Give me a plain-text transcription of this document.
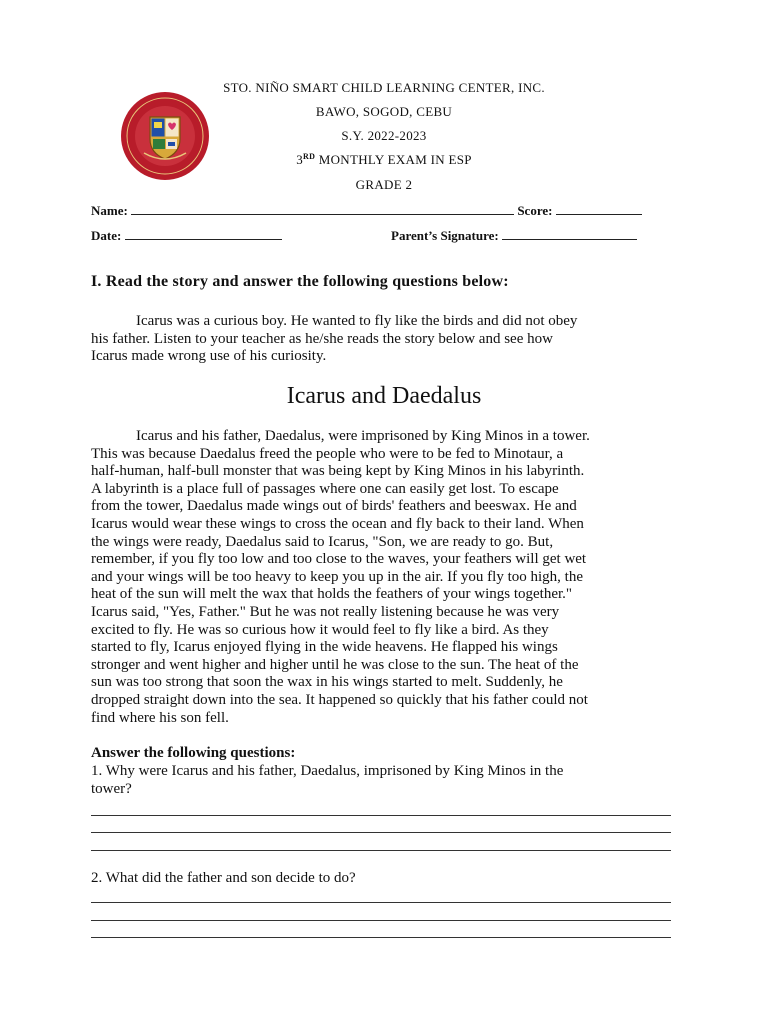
STO. NIÑO SMART CHILD LEARNING CENTER, INC.
BAWO, SOGOD, CEBU
S.Y. 2022-2023
3RD MONTHLY EXAM IN ESP
GRADE 2
Name:	Score:
Date:	Parent’s Signature:
I. Read the story and answer the following questions below:
Icarus was a curious boy. He wanted to fly like the birds and did not obey
his father. Listen to your teacher as he/she reads the story below and see how
Icarus made wrong use of his curiosity.
Icarus and Daedalus
Icarus and his father, Daedalus, were imprisoned by King Minos in a tower.
This was because Daedalus freed the people who were to be fed to Minotaur, a
half-human, half-bull monster that was being kept by King Minos in his labyrinth.
A labyrinth is a place full of passages where one can easily get lost. To escape
from the tower, Daedalus made wings out of birds' feathers and beeswax. He and
Icarus would wear these wings to cross the ocean and fly back to their land. When
the wings were ready, Daedalus said to Icarus, "Son, we are ready to go. But,
remember, if you fly too low and too close to the waves, your feathers will get wet
and your wings will be too heavy to keep you up in the air. If you fly too high, the
heat of the sun will melt the wax that holds the feathers of your wings together."
Icarus said, "Yes, Father." But he was not really listening because he was very
excited to fly. He was so curious how it would feel to fly like a bird. As they
started to fly, Icarus enjoyed flying in the wide heavens. He flapped his wings
stronger and went higher and higher until he was close to the sun. The heat of the
sun was too strong that soon the wax in his wings started to melt. Suddenly, he
dropped straight down into the sea. It happened so quickly that his father could not
find where his son fell.
Answer the following questions:
1. Why were Icarus and his father, Daedalus, imprisoned by King Minos in the
tower?
2. What did the father and son decide to do?
